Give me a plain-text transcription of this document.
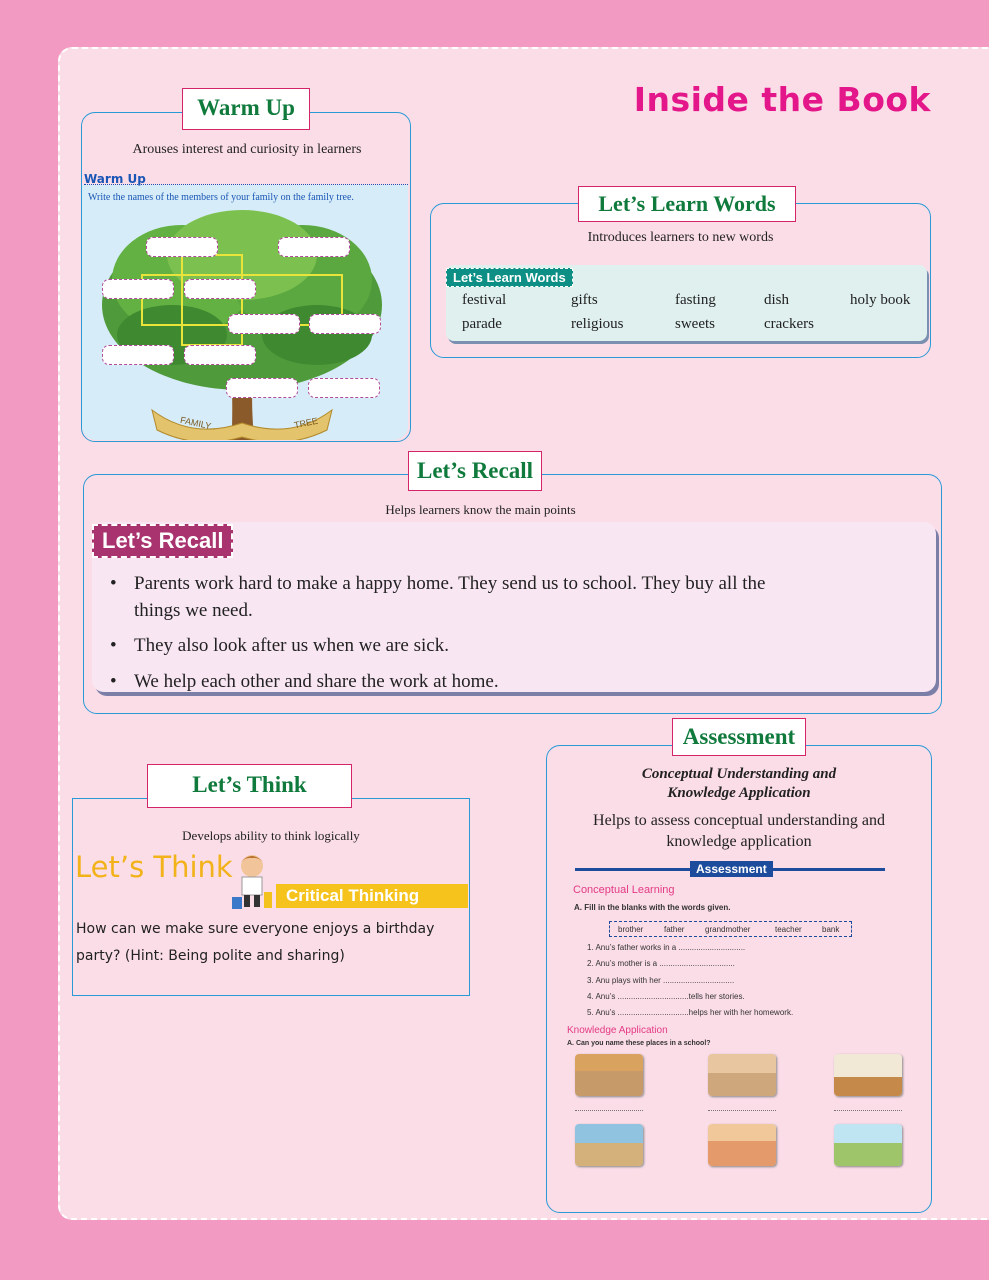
Inside the Book
Warm Up
Arouses interest and curiosity in learners
FAMILY	TREE
Warm Up
Write the names of the members of your family on the family tree.	Let’s Learn Words
Introduces learners to new words
Let’s Learn Words
festival	gifts	fasting	dish	holy book
parade	religious	sweets	crackers
Let’s Recall
Helps learners know the main points
Let’s Recall
• Parents work hard to make a happy home. They send us to school. They buy all the
things we need.
• They also look after us when we are sick.
• We help each other and share the work at home.
Let’s Think
Develops ability to think logically
Let’s Think
Critical Thinking
How can we make sure everyone enjoys a birthday
party? (Hint: Being polite and sharing)
Assessment
Conceptual Understanding and
Knowledge Application
Helps to assess conceptual understanding and
knowledge application
Assessment
Conceptual Learning
A. Fill in the blanks with the words given.
brother	father	grandmother	teacher	bank
1. Anu’s father works in a ..............................
2. Anu’s mother is a ..................................
3. Anu plays with her ................................
4. Anu’s ................................tells her stories.
5. Anu’s ................................helps her with her homework.
Knowledge Application
A. Can you name these places in a school?
